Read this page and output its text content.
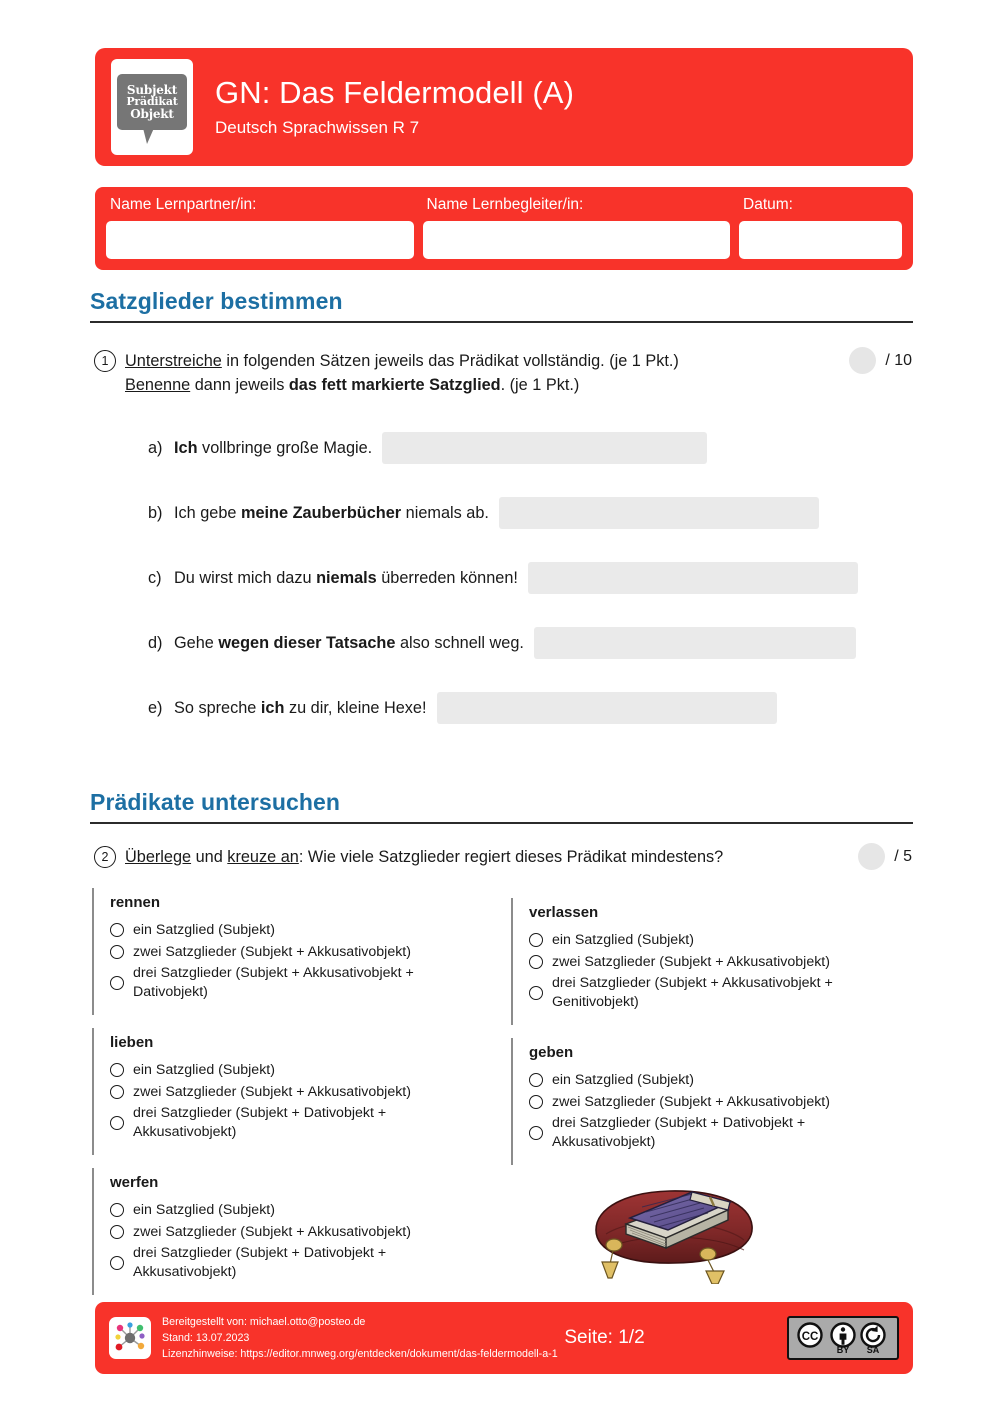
Subjekt
Prädikat
Objekt
GN: Das Feldermodell (A)
Deutsch Sprachwissen R 7
Name Lernpartner/in:	Name Lernbegleiter/in:	Datum:
Satzglieder bestimmen
1	Unterstreiche in folgenden Sätzen jeweils das Prädikat vollständig. (je 1 Pkt.)
Benenne dann jeweils das fett markierte Satzglied. (je 1 Pkt.)
/ 10
a) Ich vollbringe große Magie.
b) Ich gebe meine Zauberbücher niemals ab.
c) Du wirst mich dazu niemals überreden können!
d) Gehe wegen dieser Tatsache also schnell weg.
e) So spreche ich zu dir, kleine Hexe!
Prädikate untersuchen
2	Überlege und kreuze an: Wie viele Satzglieder regiert dieses Prädikat mindestens?	/ 5
rennen
ein Satzglied (Subjekt)
zwei Satzglieder (Subjekt + Akkusativobjekt)
drei Satzglieder (Subjekt + Akkusativobjekt + Dativobjekt)
lieben
ein Satzglied (Subjekt)
zwei Satzglieder (Subjekt + Akkusativobjekt)
drei Satzglieder (Subjekt + Dativobjekt + Akkusativobjekt)
werfen
ein Satzglied (Subjekt)
zwei Satzglieder (Subjekt + Akkusativobjekt)
drei Satzglieder (Subjekt + Dativobjekt + Akkusativobjekt)
verlassen
ein Satzglied (Subjekt)
zwei Satzglieder (Subjekt + Akkusativobjekt)
drei Satzglieder (Subjekt + Akkusativobjekt + Genitivobjekt)
geben
ein Satzglied (Subjekt)
zwei Satzglieder (Subjekt + Akkusativobjekt)
drei Satzglieder (Subjekt + Dativobjekt + Akkusativobjekt)
Bereitgestellt von: michael.otto@posteo.de
Stand: 13.07.2023
Lizenzhinweise: https://editor.mnweg.org/entdecken/dokument/das-feldermodell-a-1
Seite: 1/2	CC
BY SA
